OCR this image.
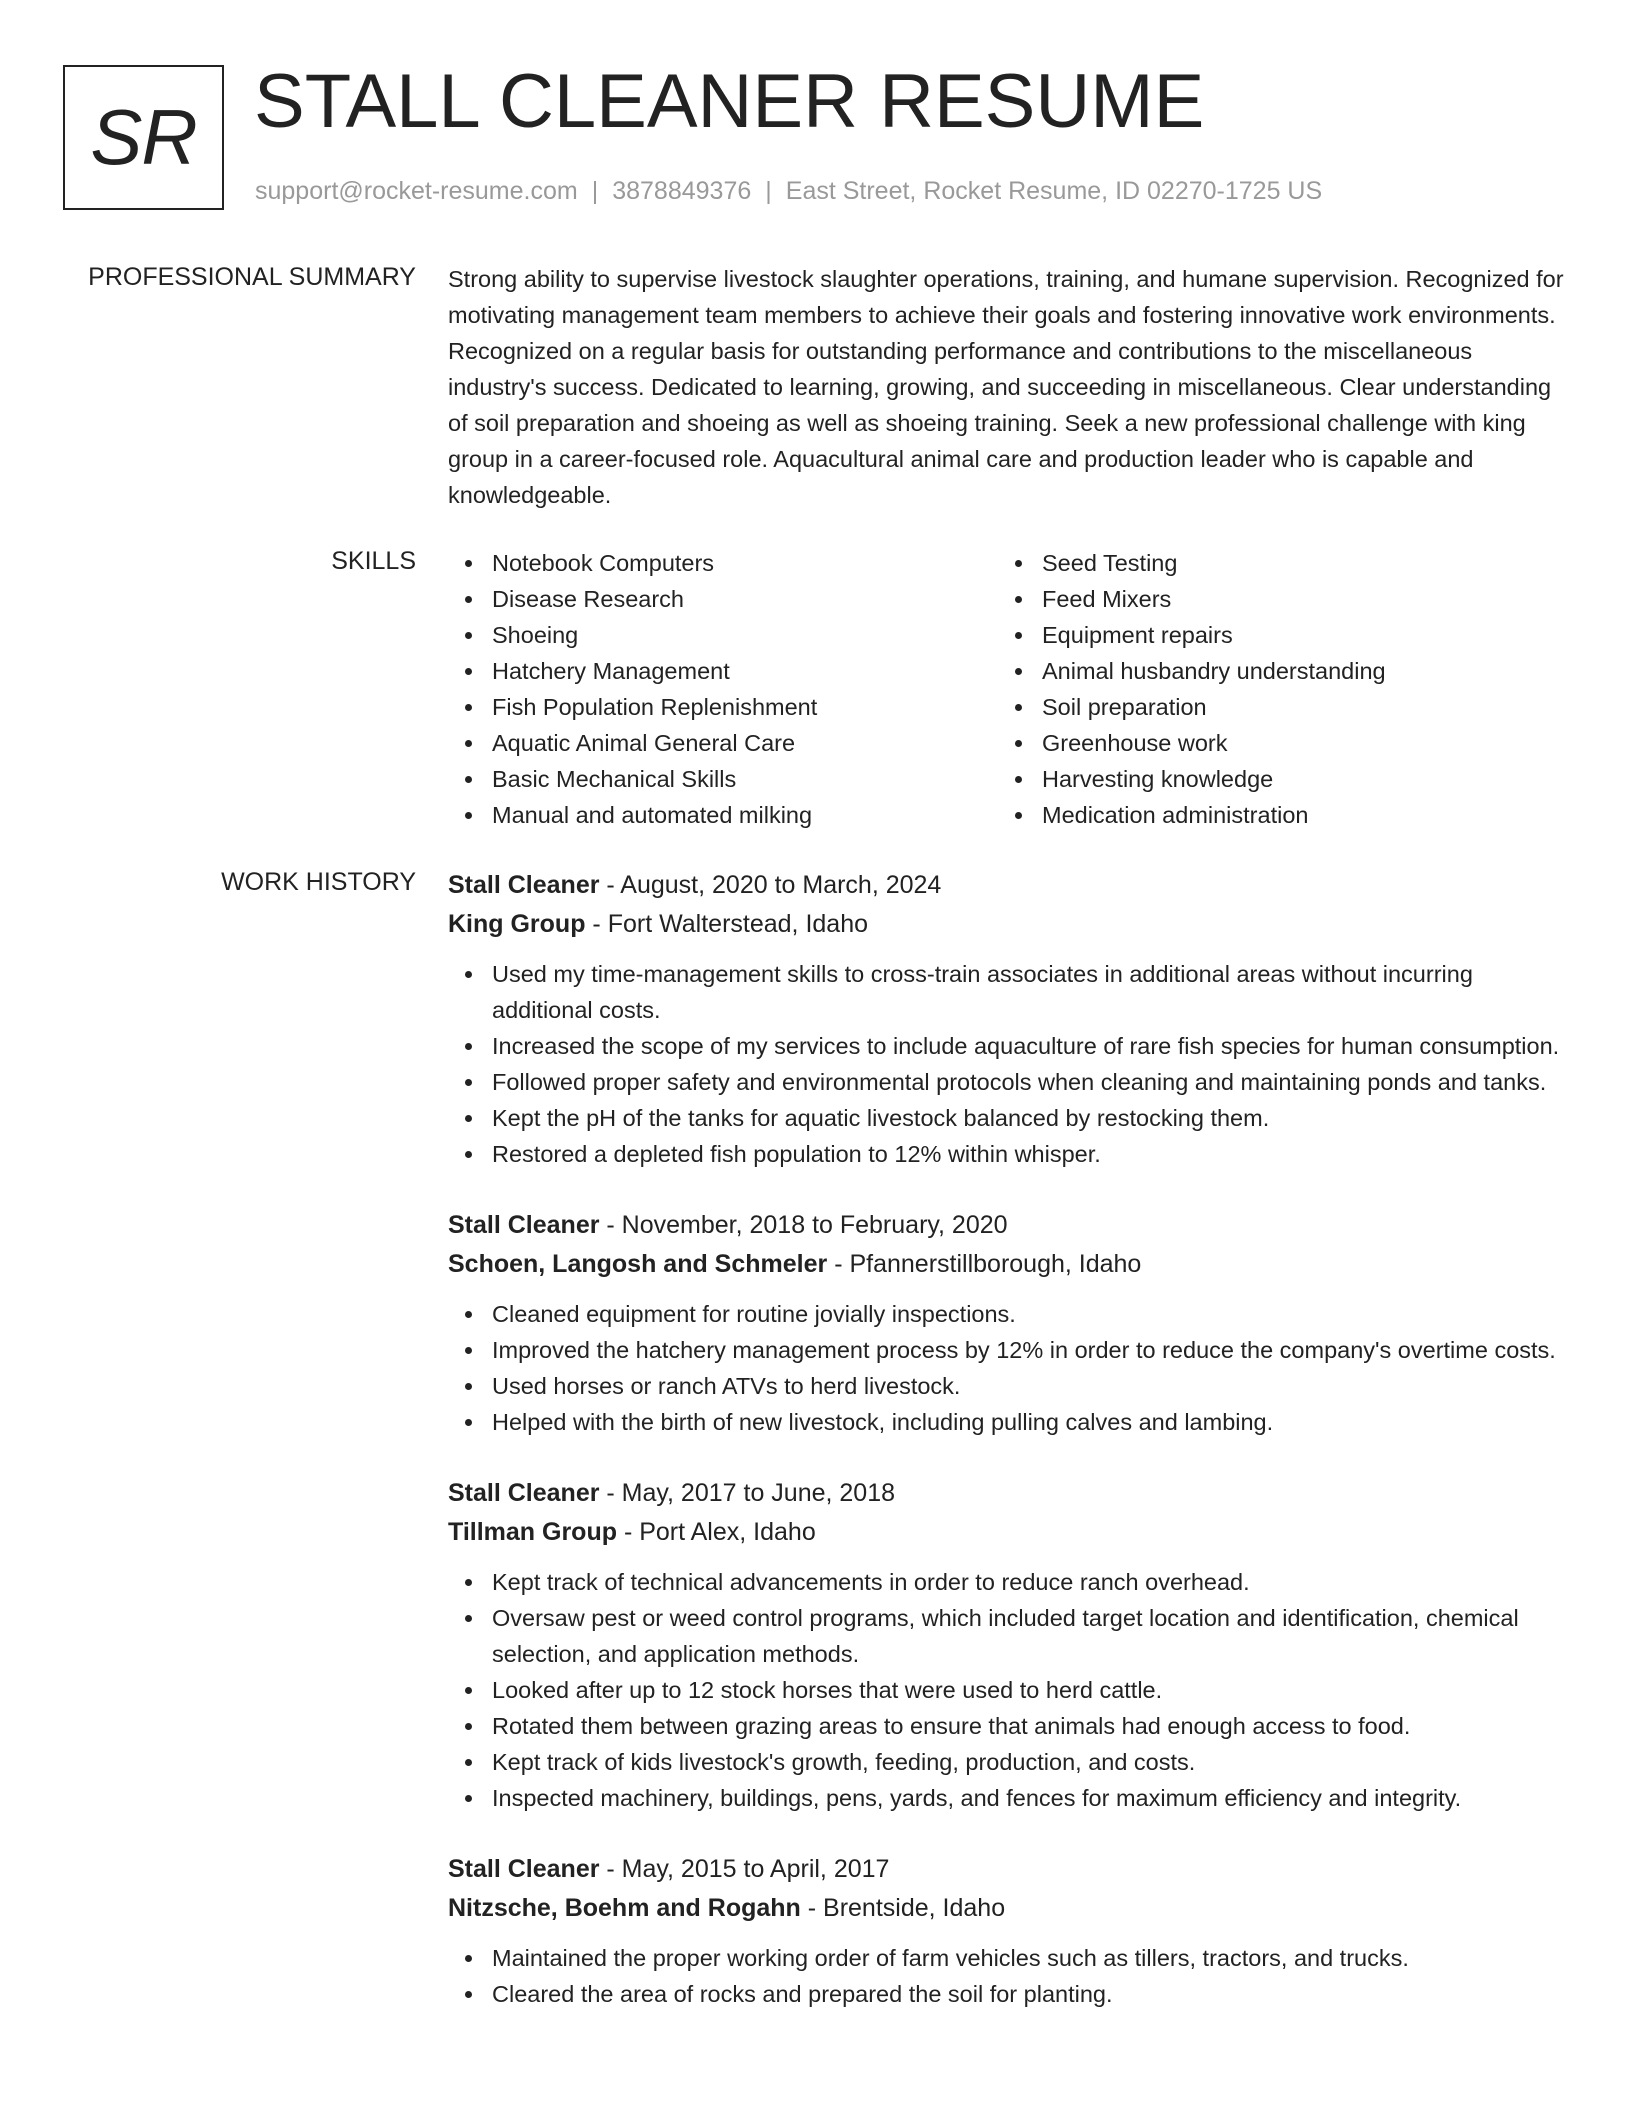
SR STALL CLEANER RESUME
support@rocket-resume.com | 3878849376 | East Street, Rocket Resume, ID 02270-1725 US
PROFESSIONAL SUMMARY Strong ability to supervise livestock slaughter operations, training, and humane supervision. Recognized for motivating management team members to achieve their goals and fostering innovative work environments. Recognized on a regular basis for outstanding performance and contributions to the miscellaneous industry's success. Dedicated to learning, growing, and succeeding in miscellaneous. Clear understanding of soil preparation and shoeing as well as shoeing training. Seek a new professional challenge with king group in a career-focused role. Aquacultural animal care and production leader who is capable and knowledgeable.

SKILLS	Notebook Computers
Disease Research
Shoeing
Hatchery Management
Fish Population Replenishment
Aquatic Animal General Care
Basic Mechanical Skills
Manual and automated milking
Seed Testing
Feed Mixers
Equipment repairs
Animal husbandry understanding
Soil preparation
Greenhouse work
Harvesting knowledge
Medication administration
WORK HISTORY Stall Cleaner - August, 2020 to March, 2024
King Group - Fort Walterstead, Idaho
Used my time-management skills to cross-train associates in additional areas without incurring additional costs.
Increased the scope of my services to include aquaculture of rare fish species for human consumption.
Followed proper safety and environmental protocols when cleaning and maintaining ponds and tanks.
Kept the pH of the tanks for aquatic livestock balanced by restocking them.
Restored a depleted fish population to 12% within whisper.
Stall Cleaner - November, 2018 to February, 2020
Schoen, Langosh and Schmeler - Pfannerstillborough, Idaho
Cleaned equipment for routine jovially inspections.
Improved the hatchery management process by 12% in order to reduce the company's overtime costs.
Used horses or ranch ATVs to herd livestock.
Helped with the birth of new livestock, including pulling calves and lambing.
Stall Cleaner - May, 2017 to June, 2018
Tillman Group - Port Alex, Idaho
Kept track of technical advancements in order to reduce ranch overhead.
Oversaw pest or weed control programs, which included target location and identification, chemical selection, and application methods.
Looked after up to 12 stock horses that were used to herd cattle.
Rotated them between grazing areas to ensure that animals had enough access to food.
Kept track of kids livestock's growth, feeding, production, and costs.
Inspected machinery, buildings, pens, yards, and fences for maximum efficiency and integrity.
Stall Cleaner - May, 2015 to April, 2017
Nitzsche, Boehm and Rogahn - Brentside, Idaho
Maintained the proper working order of farm vehicles such as tillers, tractors, and trucks.
Cleared the area of rocks and prepared the soil for planting.
